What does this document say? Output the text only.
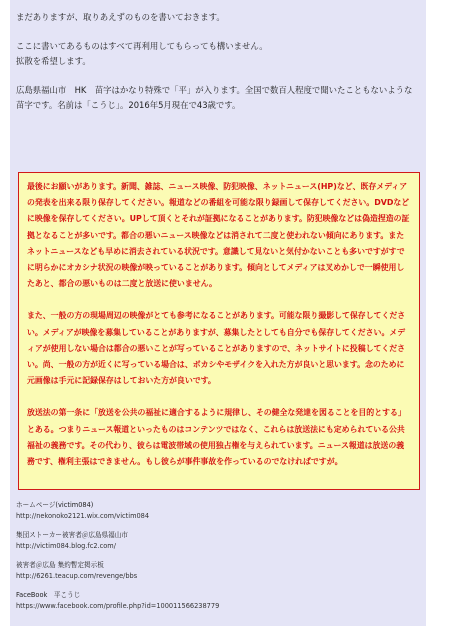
まだありますが、取りあえずのものを書いておきます。

ここに書いてあるものはすべて再利用してもらっても構いません。

拡散を希望します。

広島県福山市　HK　苗字はかなり特殊で「平」が入ります。全国で数百人程度で聞いたこともないような苗字です。名前は「こうじ」。2016年5月現在で43歳です。

最後にお願いがあります。新聞、雑誌、ニュース映像、防犯映像、ネットニュース(HP)など、既存メディアの発表を出来る限り保存してください。報道などの番組を可能な限り録画して保存してください。DVDなどに映像を保存してください。UPして頂くとそれが証拠になることがあります。防犯映像などは偽造捏造の証拠となることが多いです。都合の悪いニュース映像などは消されて二度と使われない傾向にあります。またネットニュースなども早めに消去されている状況です。意識して見ないと気付かないことも多いですがすでに明らかにオカシナ状況の映像が映っていることがあります。傾向としてメディアは叉めかしで一瞬使用したあと、都合の悪いものは二度と放送に使いません。

また、一般の方の現場周辺の映像がとても参考になることがあります。可能な限り撮影して保存してください。メディアが映像を募集していることがありますが、募集したとしても自分でも保存してください。メディアが使用しない場合は都合の悪いことが写っていることがありますので、ネットサイトに投稿してください。尚、一般の方が近くに写っている場合は、ボカシやモザイクを入れた方が良いと思います。念のために元画像は手元に記録保存はしておいた方が良いです。

放送法の第一条に「放送を公共の福祉に適合するように規律し、その健全な発達を図ることを目的とする」とある。つまりニュース報道といったものはコンテンツではなく、これらは放送法にも定められている公共福祉の義務です。その代わり、彼らは電波帯域の使用独占権を与えられています。ニュース報道は放送の義務です、権利主張はできません。もし彼らが事件事故を作っているのでなければですが。

ホームページ(victim084)
http://nekonoko2121.wix.com/victim084
集団ストーカー被害者＠広島県福山市
http://victim084.blog.fc2.com/
被害者＠広島 集約暫定掲示板
http://6261.teacup.com/revenge/bbs
FaceBook　平こうじ
https://www.facebook.com/profile.php?id=100011566238779
